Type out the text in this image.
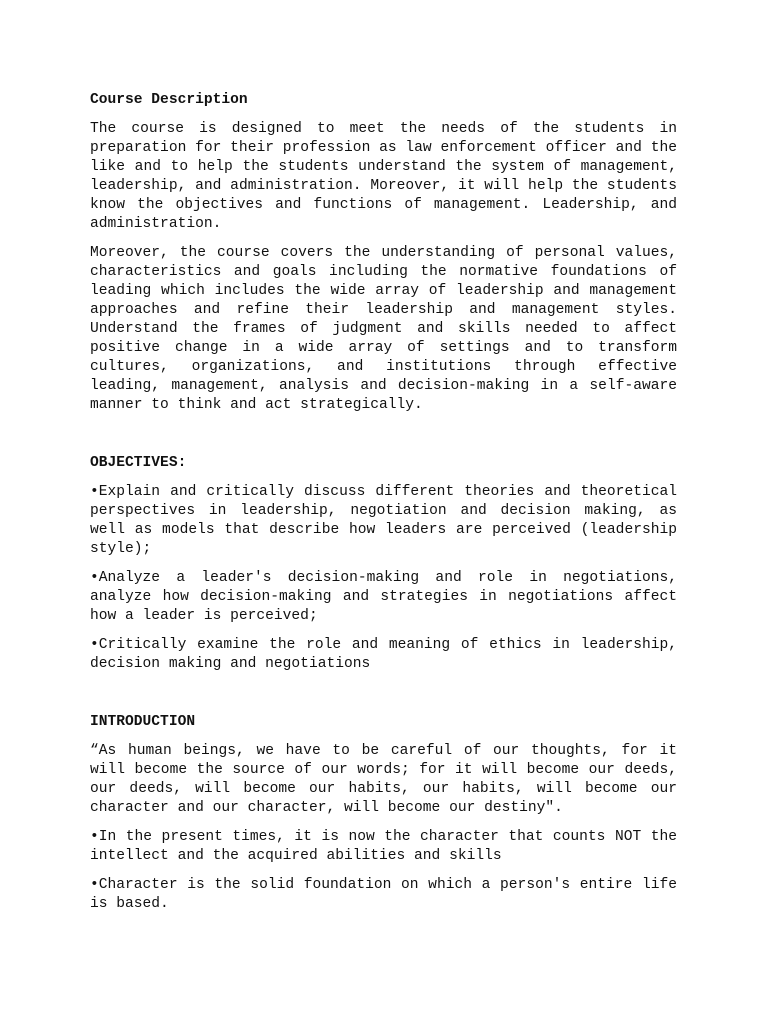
Course Description

The course is designed to meet the needs of the students in preparation for their profession as law enforcement officer and the like and to help the students understand the system of management, leadership, and administration. Moreover, it will help the students know the objectives and functions of management. Leadership, and administration.

Moreover, the course covers the understanding of personal values, characteristics and goals including the normative foundations of leading which includes the wide array of leadership and management approaches and refine their leadership and management styles. Understand the frames of judgment and skills needed to affect positive change in a wide array of settings and to transform cultures, organizations, and institutions through effective leading, management, analysis and decision-making in a self-aware manner to think and act strategically.

OBJECTIVES:

•Explain and critically discuss different theories and theoretical perspectives in leadership, negotiation and decision making, as well as models that describe how leaders are perceived (leadership style);

•Analyze a leader's decision-making and role in negotiations, analyze how decision-making and strategies in negotiations affect how a leader is perceived;

•Critically examine the role and meaning of ethics in leadership, decision making and negotiations

INTRODUCTION

“As human beings, we have to be careful of our thoughts, for it will become the source of our words; for it will become our deeds, our deeds, will become our habits, our habits, will become our character and our character, will become our destiny".

•In the present times, it is now the character that counts NOT the intellect and the acquired abilities and skills

•Character is the solid foundation on which a person's entire life is based.
